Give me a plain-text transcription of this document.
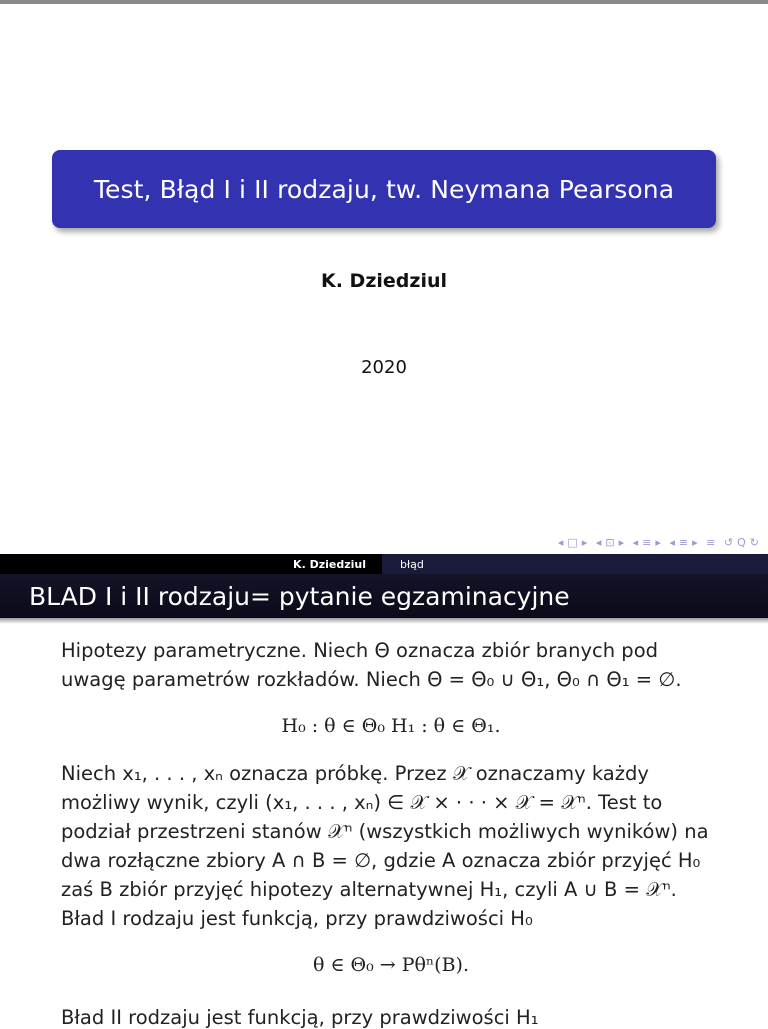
Test, Błąd I i II rodzaju, tw. Neymana Pearsona
K. Dziedziul
2020
◂ □ ▸ ◂ ⊡ ▸ ◂ ≡ ▸ ◂ ≡ ▸ ≡ ↺ Q ↻
K. Dziedziul	błąd
BLAD I i II rodzaju= pytanie egzaminacyjne

Hipotezy parametryczne. Niech Θ oznacza zbiór branych pod uwagę parametrów rozkładów. Niech Θ = Θ₀ ∪ Θ₁, Θ₀ ∩ Θ₁ = ∅.

H₀ : θ ∈ Θ₀ H₁ : θ ∈ Θ₁.

Niech x₁, . . . , xₙ oznacza próbkę. Przez 𝒳 oznaczamy każdy możliwy wynik, czyli (x₁, . . . , xₙ) ∈ 𝒳 × · · · × 𝒳 = 𝒳ⁿ. Test to podział przestrzeni stanów 𝒳ⁿ (wszystkich możliwych wyników) na dwa rozłączne zbiory A ∩ B = ∅, gdzie A oznacza zbiór przyjęć H₀ zaś B zbiór przyjęć hipotezy alternatywnej H₁, czyli A ∪ B = 𝒳ⁿ. Bład I rodzaju jest funkcją, przy prawdziwości H₀

θ ∈ Θ₀ → Pθⁿ(B).
Bład II rodzaju jest funkcją, przy prawdziwości H₁
